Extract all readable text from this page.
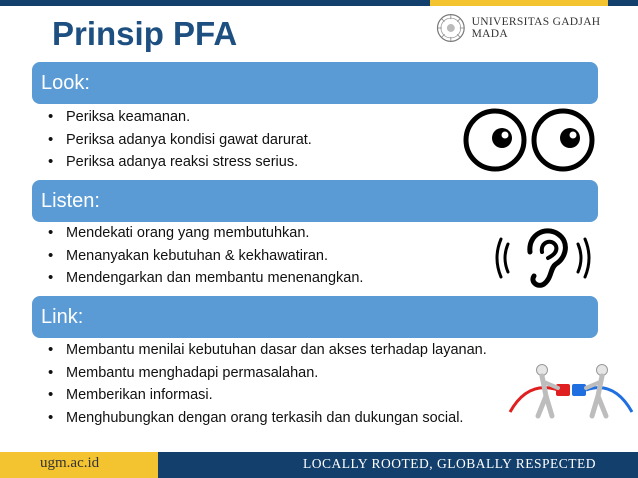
Prinsip PFA	UNIVERSITAS GADJAH MADA
Look:
• Periksa keamanan.
• Periksa adanya kondisi gawat darurat.
• Periksa adanya reaksi stress serius.
Listen:
• Mendekati orang yang membutuhkan.
• Menanyakan kebutuhan & kekhawatiran.
• Mendengarkan dan membantu menenangkan.
Link:
• Membantu menilai kebutuhan dasar dan akses terhadap layanan.
• Membantu menghadapi permasalahan.
• Memberikan informasi.
• Menghubungkan dengan orang terkasih dan dukungan social.
ugm.ac.id	LOCALLY ROOTED, GLOBALLY RESPECTED
